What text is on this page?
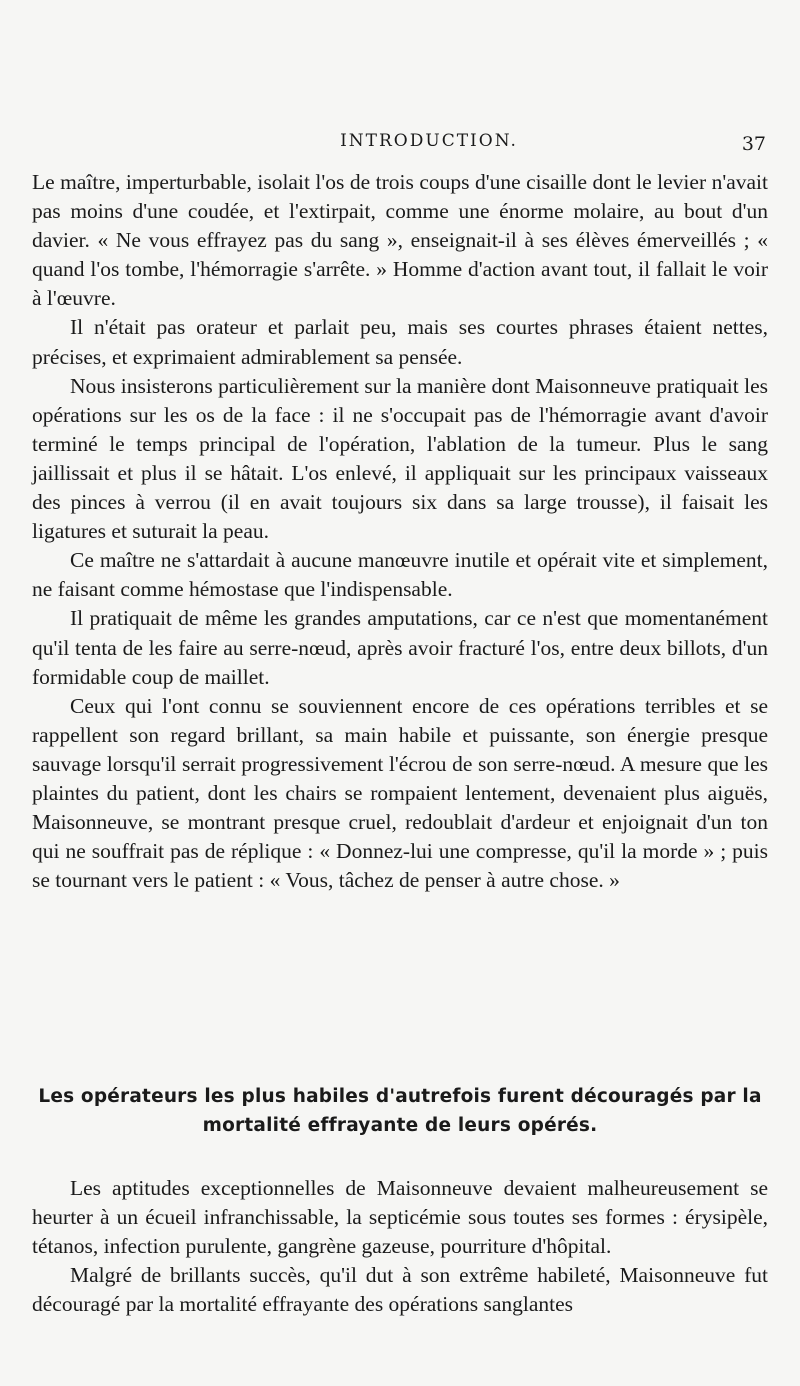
INTRODUCTION.	37

Le maître, imperturbable, isolait l'os de trois coups d'une cisaille dont le levier n'avait pas moins d'une coudée, et l'extirpait, comme une énorme molaire, au bout d'un davier. « Ne vous effrayez pas du sang », enseignait-il à ses élèves émerveillés ; « quand l'os tombe, l'hémorragie s'arrête. » Homme d'action avant tout, il fallait le voir à l'œuvre.

Il n'était pas orateur et parlait peu, mais ses courtes phrases étaient nettes, précises, et exprimaient admirablement sa pensée.

Nous insisterons particulièrement sur la manière dont Maisonneuve pratiquait les opérations sur les os de la face : il ne s'occupait pas de l'hémorragie avant d'avoir terminé le temps principal de l'opération, l'ablation de la tumeur. Plus le sang jaillissait et plus il se hâtait. L'os enlevé, il appliquait sur les principaux vaisseaux des pinces à verrou (il en avait toujours six dans sa large trousse), il faisait les ligatures et suturait la peau.

Ce maître ne s'attardait à aucune manœuvre inutile et opérait vite et simplement, ne faisant comme hémostase que l'indispensable.

Il pratiquait de même les grandes amputations, car ce n'est que momentanément qu'il tenta de les faire au serre-nœud, après avoir fracturé l'os, entre deux billots, d'un formidable coup de maillet.

Ceux qui l'ont connu se souviennent encore de ces opérations terribles et se rappellent son regard brillant, sa main habile et puissante, son énergie presque sauvage lorsqu'il serrait progressivement l'écrou de son serre-nœud. A mesure que les plaintes du patient, dont les chairs se rompaient lentement, devenaient plus aiguës, Maisonneuve, se montrant presque cruel, redoublait d'ardeur et enjoignait d'un ton qui ne souffrait pas de réplique : « Donnez-lui une compresse, qu'il la morde » ; puis se tournant vers le patient : « Vous, tâchez de penser à autre chose. »

Les opérateurs les plus habiles d'autrefois furent découragés par la mortalité effrayante de leurs opérés.

Les aptitudes exceptionnelles de Maisonneuve devaient malheureusement se heurter à un écueil infranchissable, la septicémie sous toutes ses formes : érysipèle, tétanos, infection purulente, gangrène gazeuse, pourriture d'hôpital.

Malgré de brillants succès, qu'il dut à son extrême habileté, Maisonneuve fut découragé par la mortalité effrayante des opérations sanglantes
